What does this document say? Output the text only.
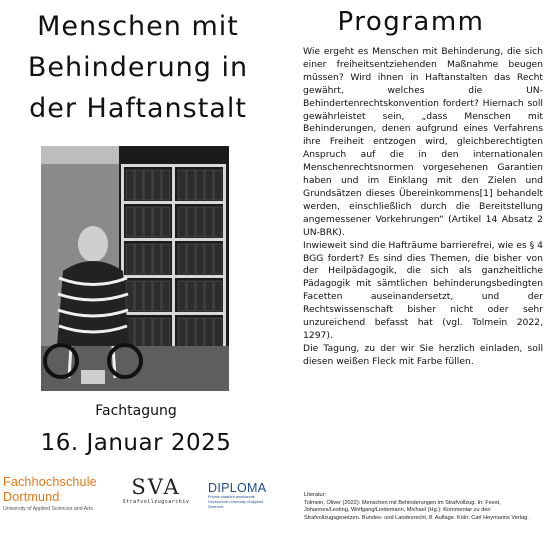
Menschen mit
Behinderung in
der Haftanstalt
Fachtagung
16. Januar 2025
Fachhochschule
Dortmund
University of Applied Sciences and Arts
SVA
Strafvollzugsarchiv
DIPLOMA
Private staatlich anerkannte Hochschule University of Applied Sciences
Programm

Wie ergeht es Menschen mit Behinderung, die sich einer freiheitsentziehenden Maßnahme beugen müssen? Wird ihnen in Haftanstalten das Recht gewährt, welches die UN-Behindertenrechtskonvention fordert? Hiernach soll gewährleistet sein, „dass Menschen mit Behinderungen, denen aufgrund eines Verfahrens ihre Freiheit entzogen wird, gleichberechtigten Anspruch auf die in den internationalen Menschenrechtsnormen vorgesehenen Garantien haben und im Einklang mit den Zielen und Grundsätzen dieses Übereinkommens[1] behandelt werden, einschließlich durch die Bereitstellung angemessener Vorkehrungen“ (Artikel 14 Absatz 2 UN-BRK).

Inwieweit sind die Hafträume barrierefrei, wie es § 4 BGG fordert? Es sind dies Themen, die bisher von der Heilpädagogik, die sich als ganzheitliche Pädagogik mit sämtlichen behinderungsbedingten Facetten auseinandersetzt, und der Rechtswissenschaft bisher nicht oder sehr unzureichend befasst hat (vgl. Tolmein 2022, 1297).

Die Tagung, zu der wir Sie herzlich einladen, soll diesen weißen Fleck mit Farbe füllen.

Literatur:
Tolmein, Oliver (2022): Menschen mit Behinderungen im Strafvollzug. In: Feest, Johannes/Lesting, Wolfgang/Lindemann, Michael (Hg.): Kommentar zu den Strafvollzugsgesetzen. Bundes- und Landesrecht. 8. Auflage. Köln: Carl Heymanns Verlag.
